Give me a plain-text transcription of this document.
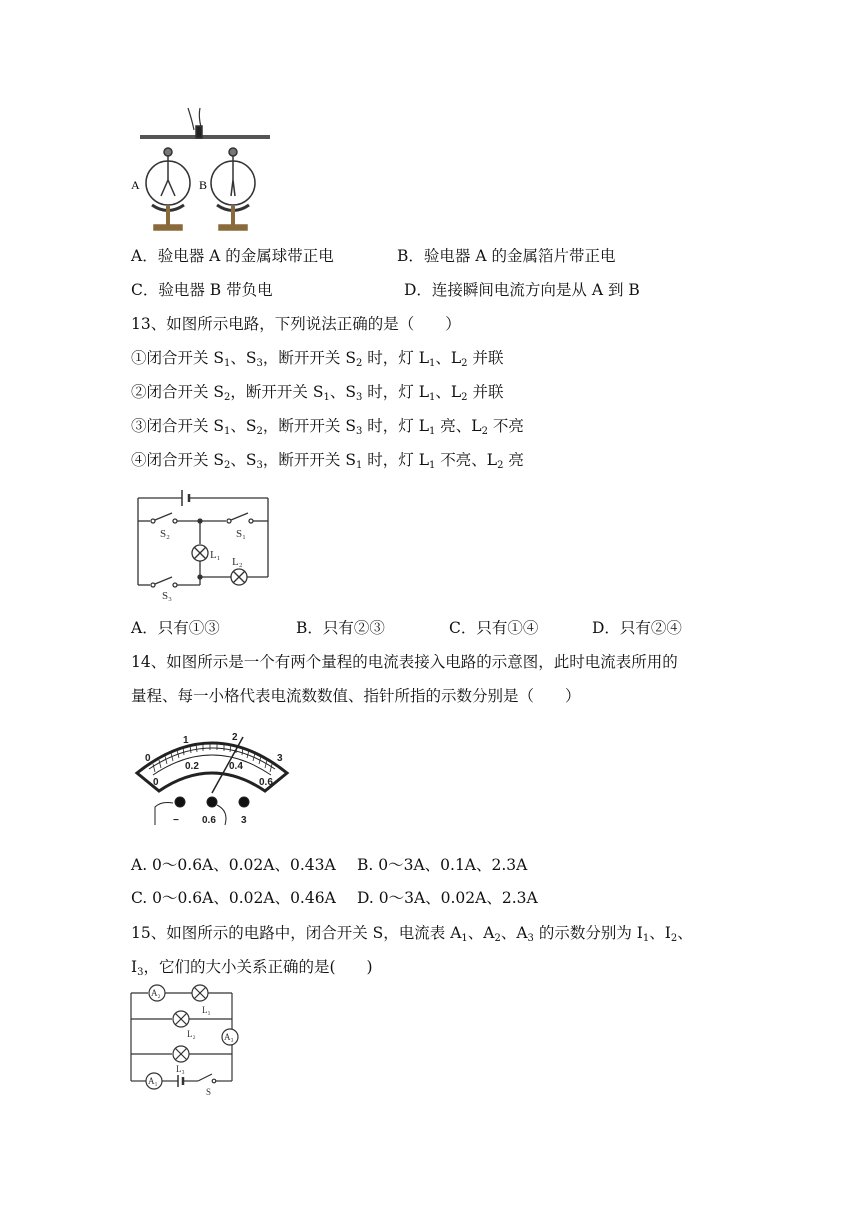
A	B
A．验电器 A 的金属球带正电	B．验电器 A 的金属箔片带正电
C．验电器 B 带负电	D．连接瞬间电流方向是从 A 到 B
13、如图所示电路，下列说法正确的是（　　）
①闭合开关 $S_1$、$S_3$，断开开关 $S_2$ 时，灯 $L_1$、$L_2$ 并联
②闭合开关 $S_2$，断开开关 $S_1$、$S_3$ 时，灯 $L_1$、$L_2$ 并联
③闭合开关 $S_1$、$S_2$，断开开关 $S_3$ 时，灯 $L_1$ 亮、$L_2$ 不亮
④闭合开关 $S_2$、$S_3$，断开开关 $S_1$ 时，灯 $L_1$ 不亮、$L_2$ 亮
S₂	S₁
L₁
L₂
S₃
A．只有①③	B．只有②③	C．只有①④	D．只有②④
14、如图所示是一个有两个量程的电流表接入电路的示意图，此时电流表所用的
量程、每一小格代表电流数数值、指针所指的示数分别是（　　）
0
1	2
3
0
0.2	0.4
0.6
− 0.6	3
A. 0～0.6A、0.02A、0.43A B. 0～3A、0.1A、2.3A
C. 0～0.6A、0.02A、0.46A D. 0～3A、0.02A、2.3A
15、如图所示的电路中，闭合开关 S，电流表 $A_1$、$A_2$、$A_3$ 的示数分别为 $I_1$、$I_2$、
$I_3$，它们的大小关系正确的是(　　)
A₂
L₁
L₂	A₃
L₃
A₁
S
